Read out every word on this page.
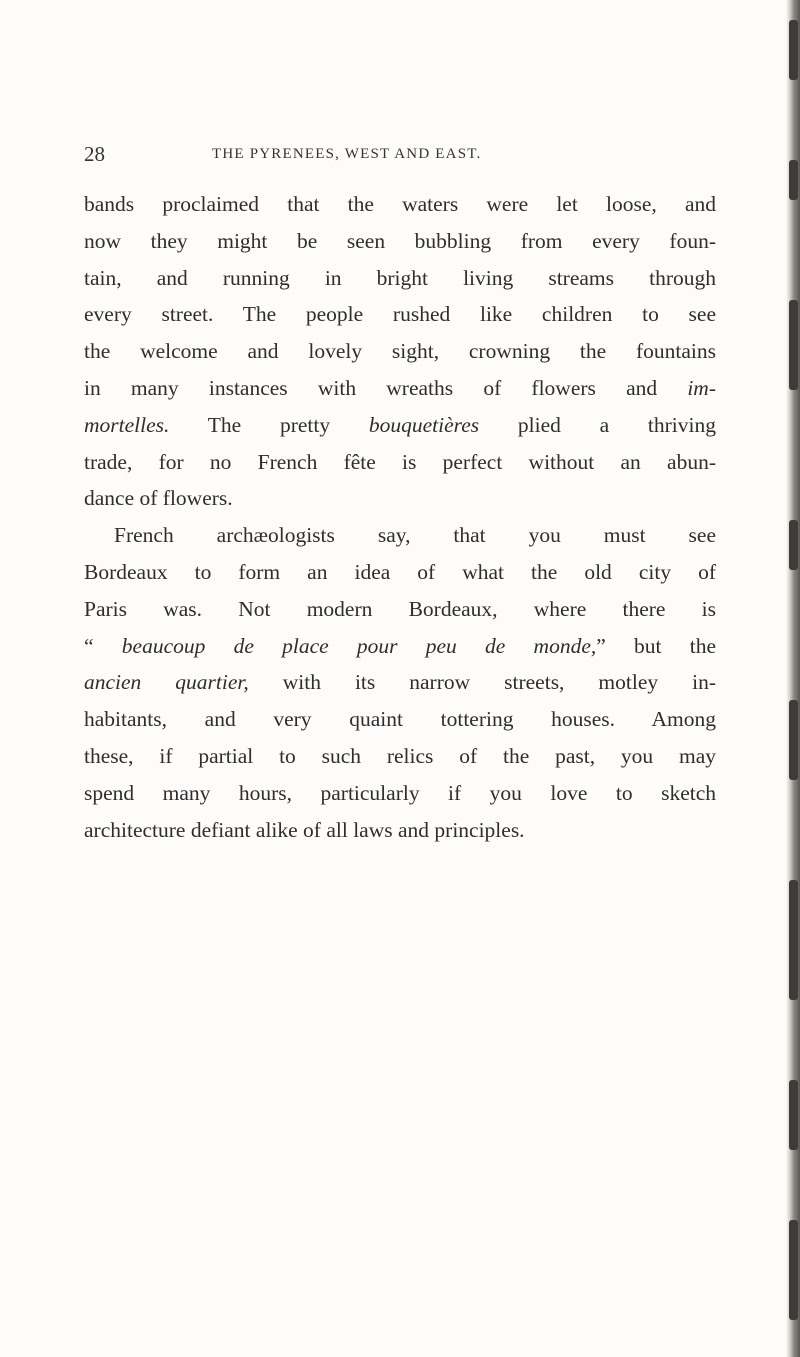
28	THE PYRENEES, WEST AND EAST.
bands proclaimed that the waters were let loose, and
now they might be seen bubbling from every foun-
tain, and running in bright living streams through
every street. The people rushed like children to see
the welcome and lovely sight, crowning the fountains
in many instances with wreaths of flowers and im-
mortelles. The pretty bouquetières plied a thriving
trade, for no French fête is perfect without an abun-
dance of flowers.
French archæologists say, that you must see
Bordeaux to form an idea of what the old city of
Paris was. Not modern Bordeaux, where there is
“ beaucoup de place pour peu de monde,” but the
ancien quartier, with its narrow streets, motley in-
habitants, and very quaint tottering houses. Among
these, if partial to such relics of the past, you may
spend many hours, particularly if you love to sketch
architecture defiant alike of all laws and principles.
